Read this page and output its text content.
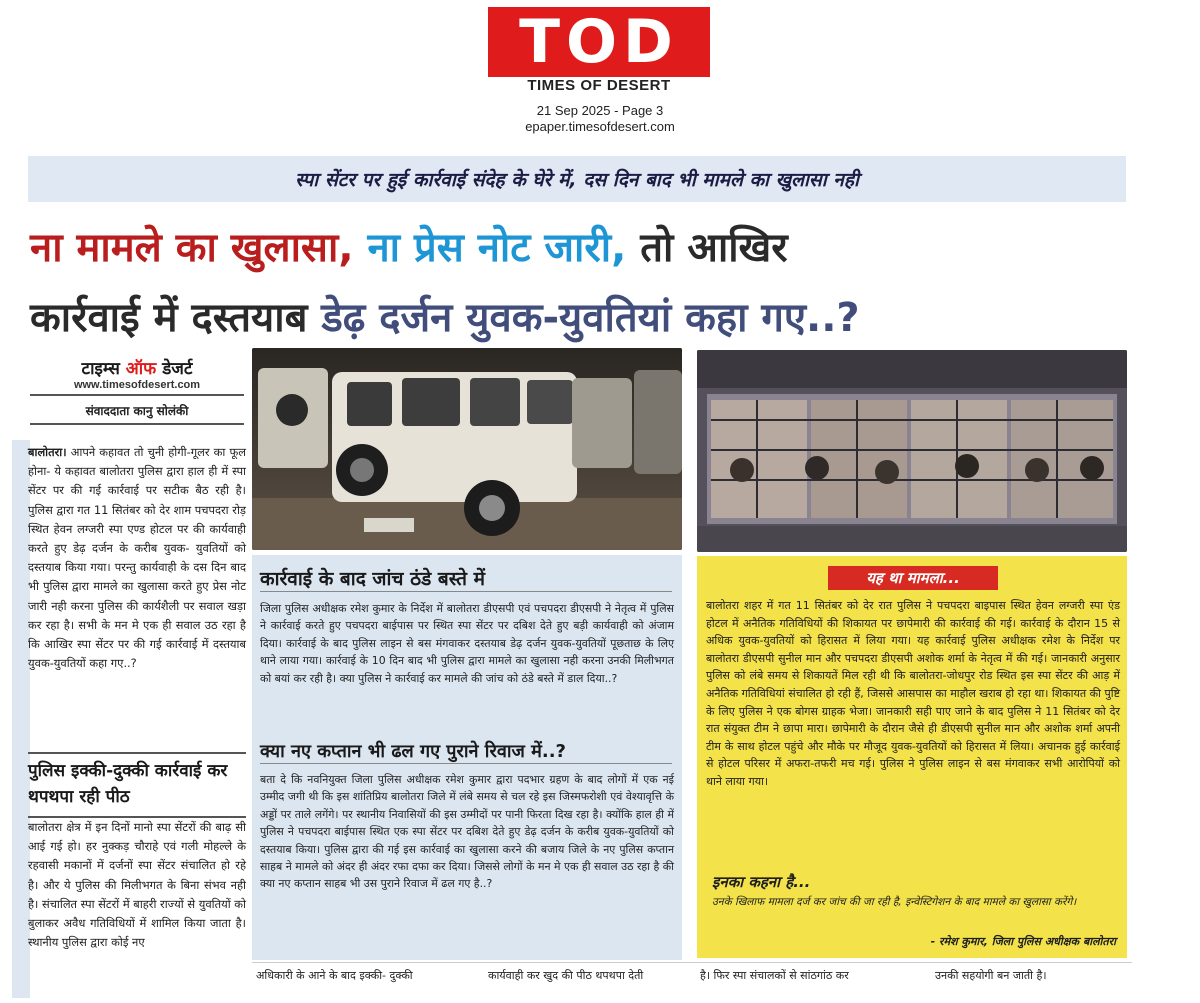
TOD
TIMES OF DESERT
21 Sep 2025 - Page 3
epaper.timesofdesert.com
स्पा सेंटर पर हुई कार्रवाई संदेह के घेरे में, दस दिन बाद भी मामले का खुलासा नही
ना मामले का खुलासा, ना प्रेस नोट जारी, तो आखिर
कार्रवाई में दस्तयाब डेढ़ दर्जन युवक-युवतियां कहा गए..?
टाइम्स ऑफ डेजर्ट
www.timesofdesert.com
संवाददाता कानु सोलंकी
बालोतरा। आपने कहावत तो चुनी होगी-गूलर का फूल होना- ये कहावत बालोतरा पुलिस द्वारा हाल ही में स्पा सेंटर पर की गई कार्रवाई पर सटीक बैठ रही है। पुलिस द्वारा गत 11 सितंबर को देर शाम पचपदरा रोड़ स्थित हेवन लग्जरी स्पा एण्ड होटल पर की कार्यवाही करते हुए डेढ़ दर्जन के करीब युवक- युवतियों को दस्तयाब किया गया। परन्तु कार्यवाही के दस दिन बाद भी पुलिस द्वारा मामले का खुलासा करते हुए प्रेस नोट जारी नही करना पुलिस की कार्यशैली पर सवाल खड़ा कर रहा है। सभी के मन मे एक ही सवाल उठ रहा है कि आखिर स्पा सेंटर पर की गई कार्रवाई में दस्तयाब युवक-युवतियों कहा गए..?
पुलिस इक्की-दुक्की कार्रवाई कर थपथपा रही पीठ
बालोतरा क्षेत्र में इन दिनों मानो स्पा सेंटरों की बाढ़ सी आई गई हो। हर नुक्कड़ चौराहे एवं गली मोहल्ले के रहवासी मकानों में दर्जनों स्पा सेंटर संचालित हो रहे है। और ये पुलिस की मिलीभगत के बिना संभव नही है। संचालित स्पा सेंटरों में बाहरी राज्यों से युवतियों को बुलाकर अवैध गतिविधियों में शामिल किया जाता है। स्थानीय पुलिस द्वारा कोई नए
कार्रवाई के बाद जांच ठंडे बस्ते में
जिला पुलिस अधीक्षक रमेश कुमार के निर्देश में बालोतरा डीएसपी एवं पचपदरा डीएसपी ने नेतृत्व में पुलिस ने कार्रवाई करते हुए पचपदरा बाईपास पर स्थित स्पा सेंटर पर दबिश देते हुए बड़ी कार्यवाही को अंजाम दिया। कार्रवाई के बाद पुलिस लाइन से बस मंगवाकर दस्तयाब डेढ़ दर्जन युवक-युवतियों पूछताछ के लिए थाने लाया गया। कार्रवाई के 10 दिन बाद भी पुलिस द्वारा मामले का खुलासा नही करना उनकी मिलीभगत को बयां कर रही है। क्या पुलिस ने कार्रवाई कर मामले की जांच को ठंडे बस्ते में डाल दिया..?
क्या नए कप्तान भी ढल गए पुराने रिवाज में..?
बता दे कि नवनियुक्त जिला पुलिस अधीक्षक रमेश कुमार द्वारा पदभार ग्रहण के बाद लोगों में एक नई उम्मीद जगी थी कि इस शांतिप्रिय बालोतरा जिले में लंबे समय से चल रहे इस जिस्मफरोशी एवं वेश्यावृत्ति के अड्डों पर ताले लगेंगे। पर स्थानीय निवासियों की इस उम्मीदों पर पानी फिरता दिख रहा है। क्योंकि हाल ही में पुलिस ने पचपदरा बाईपास स्थित एक स्पा सेंटर पर दबिश देते हुए डेढ़ दर्जन के करीब युवक-युवतियों को दस्तयाब किया। पुलिस द्वारा की गई इस कार्रवाई का खुलासा करने की बजाय जिले के नए पुलिस कप्तान साहब ने मामले को अंदर ही अंदर रफा दफा कर दिया। जिससे लोगों के मन मे एक ही सवाल उठ रहा है की क्या नए कप्तान साहब भी उस पुराने रिवाज में ढल गए है..?
यह था मामला...
बालोतरा शहर में गत 11 सितंबर को देर रात पुलिस ने पचपदरा बाइपास स्थित हेवन लग्जरी स्पा एंड होटल में अनैतिक गतिविधियों की शिकायत पर छापेमारी की कार्रवाई की गई। कार्रवाई के दौरान 15 से अधिक युवक-युवतियों को हिरासत में लिया गया। यह कार्रवाई पुलिस अधीक्षक रमेश के निर्देश पर बालोतरा डीएसपी सुनील मान और पचपदरा डीएसपी अशोक शर्मा के नेतृत्व में की गई। जानकारी अनुसार पुलिस को लंबे समय से शिकायतें मिल रही थी कि बालोतरा-जोधपुर रोड स्थित इस स्पा सेंटर की आड़ में अनैतिक गतिविधियां संचालित हो रही हैं, जिससे आसपास का माहौल खराब हो रहा था। शिकायत की पुष्टि के लिए पुलिस ने एक बोगस ग्राहक भेजा। जानकारी सही पाए जाने के बाद पुलिस ने 11 सितंबर को देर रात संयुक्त टीम ने छापा मारा। छापेमारी के दौरान जैसे ही डीएसपी सुनील मान और अशोक शर्मा अपनी टीम के साथ होटल पहुंचे और मौके पर मौजूद युवक-युवतियों को हिरासत में लिया। अचानक हुई कार्रवाई से होटल परिसर में अफरा-तफरी मच गई। पुलिस ने पुलिस लाइन से बस मंगवाकर सभी आरोपियों को थाने लाया गया।
इनका कहना है...
उनके खिलाफ मामला दर्ज कर जांच की जा रही है, इन्वेस्टिगेशन के बाद मामले का खुलासा करेंगे।
- रमेश कुमार, जिला पुलिस अधीक्षक बालोतरा
अधिकारी के आने के बाद इक्की- दुक्की	कार्यवाही कर खुद की पीठ थपथपा देती	है। फिर स्पा संचालकों से सांठगांठ कर	उनकी सहयोगी बन जाती है।
